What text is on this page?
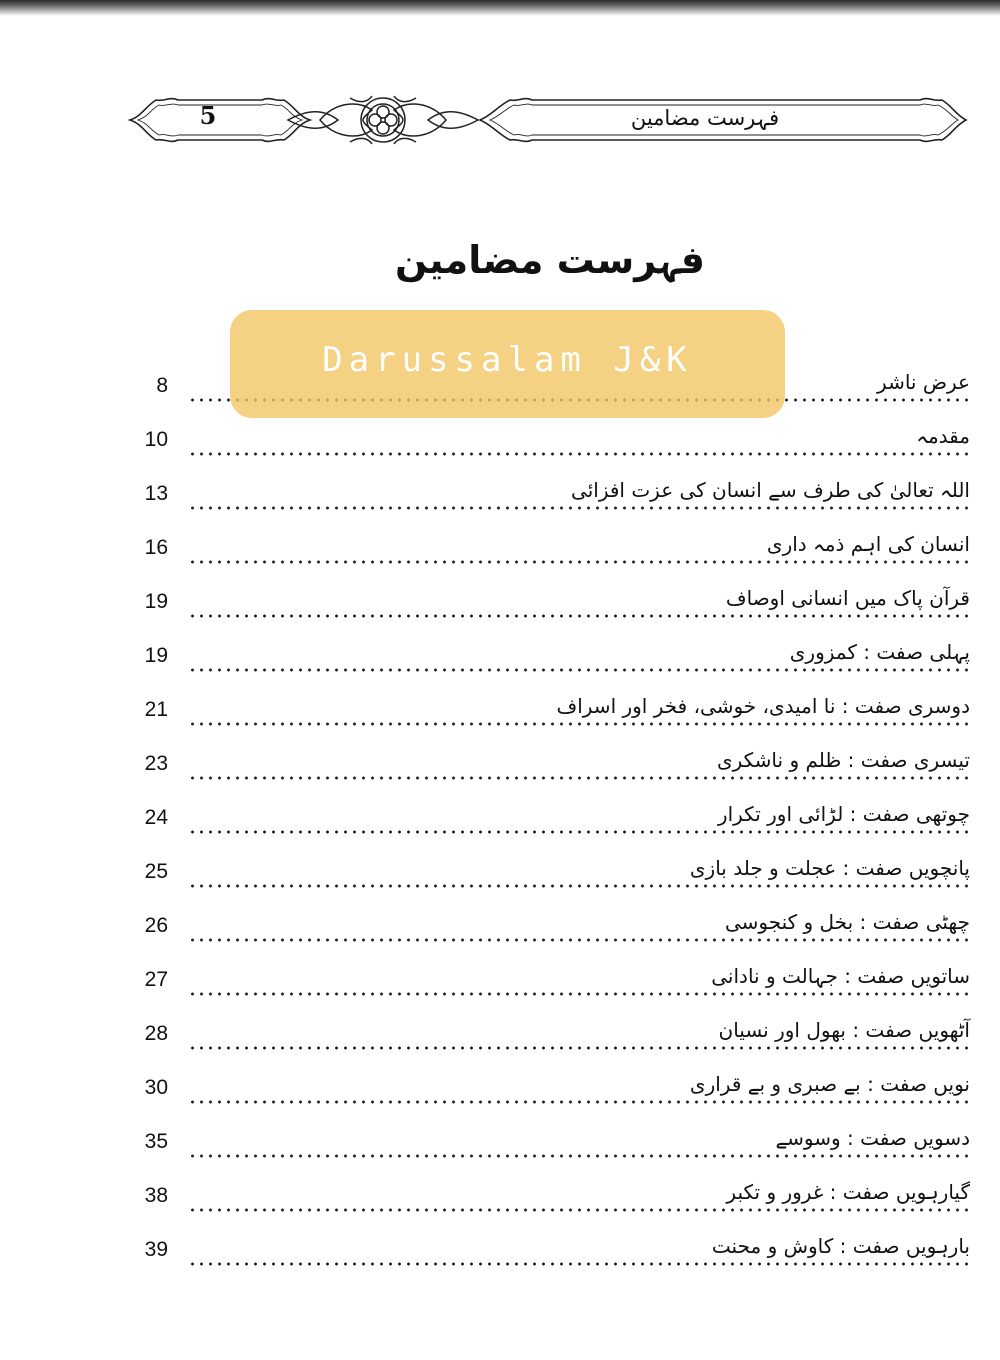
5	فہرست مضامین
فہرست مضامین
Darussalam J&K
8	عرض ناشر
10	مقدمہ
13	اللہ تعالیٰ کی طرف سے انسان کی عزت افزائی
16	انسان کی اہم ذمہ داری
19	قرآن پاک میں انسانی اوصاف
19	پہلی صفت : کمزوری
21	دوسری صفت : نا امیدی، خوشی، فخر اور اسراف
23	تیسری صفت : ظلم و ناشکری
24	چوتھی صفت : لڑائی اور تکرار
25	پانچویں صفت : عجلت و جلد بازی
26	چھٹی صفت : بخل و کنجوسی
27	ساتویں صفت : جہالت و نادانی
28	آٹھویں صفت : بھول اور نسیان
30	نویں صفت : بے صبری و بے قراری
35	دسویں صفت : وسوسے
38	گیارہویں صفت : غرور و تکبر
39	بارہویں صفت : کاوش و محنت
